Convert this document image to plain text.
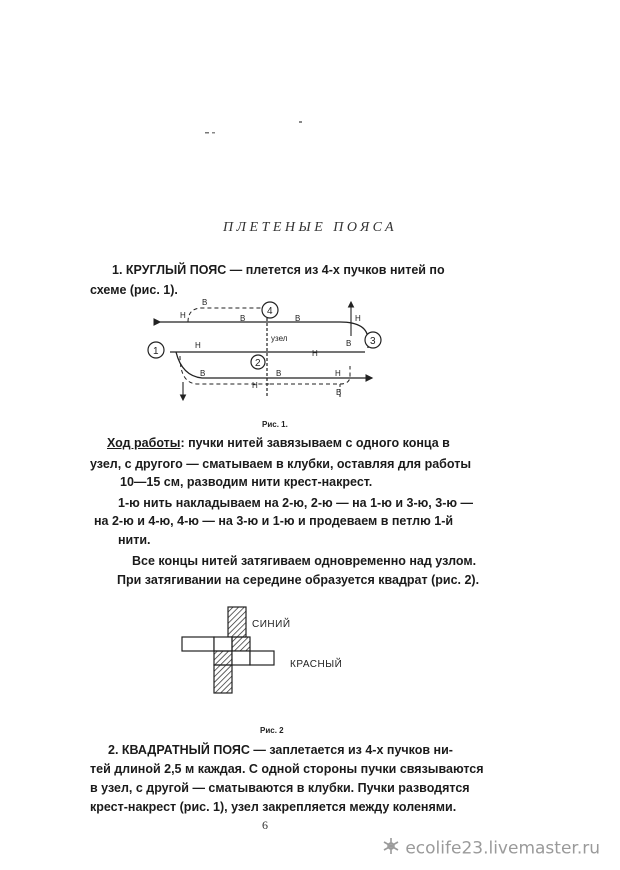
ПЛЕТЕНЫЕ ПОЯСА
1. КРУГЛЫЙ ПОЯС — плетется из 4-х пучков нитей по
схеме (рис. 1).
1
4
2
3
В
В
Н	В
узел
В
Н
Н
Н
В
Н
В	Н
В
Рис. 1.
Ход работы: пучки нитей завязываем с одного конца в
узел, с другого — сматываем в клубки, оставляя для работы
10—15 см, разводим нити крест-накрест.
1-ю нить накладываем на 2-ю, 2-ю — на 1-ю и 3-ю, 3-ю —
на 2-ю и 4-ю, 4-ю — на 3-ю и 1-ю и продеваем в петлю 1-й
нити.
Все концы нитей затягиваем одновременно над узлом.
При затягивании на середине образуется квадрат (рис. 2).
СИНИЙ
КРАСНЫЙ
Рис. 2
2. КВАДРАТНЫЙ ПОЯС — заплетается из 4-х пучков ни-
тей длиной 2,5 м каждая. С одной стороны пучки связываются
в узел, с другой — сматываются в клубки. Пучки разводятся
крест-накрест (рис. 1), узел закрепляется между коленями.
6
ecolife23.livemaster.ru
